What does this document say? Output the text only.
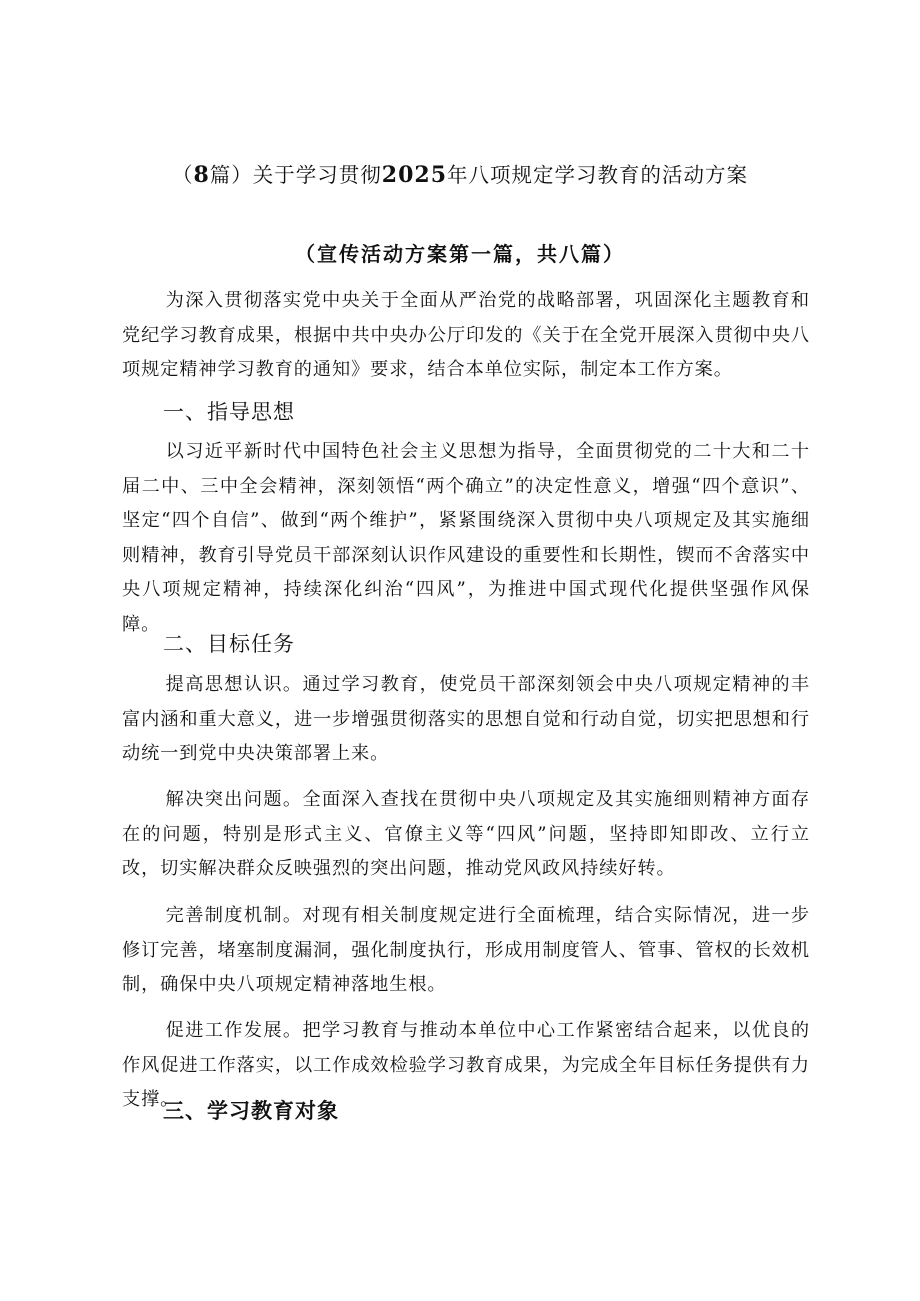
（8篇）关于学习贯彻2025年八项规定学习教育的活动方案
（宣传活动方案第一篇，共八篇）
为深入贯彻落实党中央关于全面从严治党的战略部署，巩固深化主题教育和党纪学习教育成果，根据中共中央办公厅印发的《关于在全党开展深入贯彻中央八项规定精神学习教育的通知》要求，结合本单位实际，制定本工作方案。
一、指导思想
以习近平新时代中国特色社会主义思想为指导，全面贯彻党的二十大和二十届二中、三中全会精神，深刻领悟“两个确立”的决定性意义，增强“四个意识”、坚定“四个自信”、做到“两个维护”，紧紧围绕深入贯彻中央八项规定及其实施细则精神，教育引导党员干部深刻认识作风建设的重要性和长期性，锲而不舍落实中央八项规定精神，持续深化纠治“四风”，为推进中国式现代化提供坚强作风保障。
二、目标任务
提高思想认识。通过学习教育，使党员干部深刻领会中央八项规定精神的丰富内涵和重大意义，进一步增强贯彻落实的思想自觉和行动自觉，切实把思想和行动统一到党中央决策部署上来。
解决突出问题。全面深入查找在贯彻中央八项规定及其实施细则精神方面存在的问题，特别是形式主义、官僚主义等“四风”问题，坚持即知即改、立行立改，切实解决群众反映强烈的突出问题，推动党风政风持续好转。
完善制度机制。对现有相关制度规定进行全面梳理，结合实际情况，进一步修订完善，堵塞制度漏洞，强化制度执行，形成用制度管人、管事、管权的长效机制，确保中央八项规定精神落地生根。
促进工作发展。把学习教育与推动本单位中心工作紧密结合起来，以优良的作风促进工作落实，以工作成效检验学习教育成果，为完成全年目标任务提供有力支撑。
三、学习教育对象
